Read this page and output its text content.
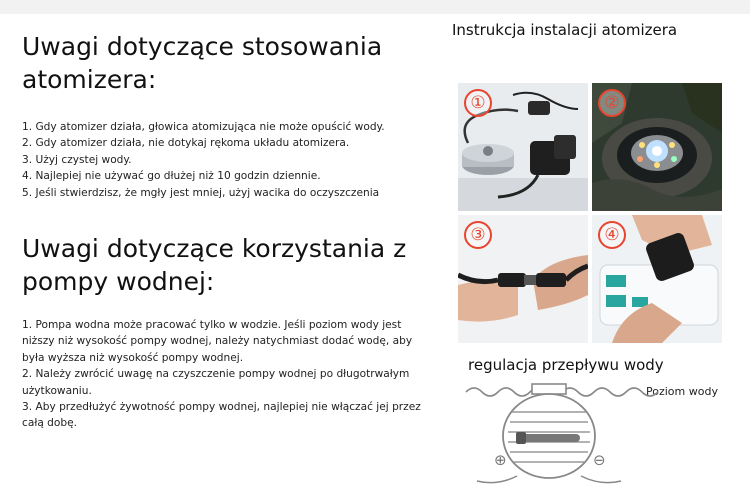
Uwagi dotyczące stosowania atomizera:
1. Gdy atomizer działa, głowica atomizująca nie może opuścić wody.
2. Gdy atomizer działa, nie dotykaj rękoma układu atomizera.
3. Użyj czystej wody.
4. Najlepiej nie używać go dłużej niż 10 godzin dziennie.
5. Jeśli stwierdzisz, że mgły jest mniej, użyj wacika do oczyszczenia
Uwagi dotyczące korzystania z pompy wodnej:
1. Pompa wodna może pracować tylko w wodzie. Jeśli poziom wody jest niższy niż wysokość pompy wodnej, należy natychmiast dodać wodę, aby była wyższa niż wysokość pompy wodnej.
2. Należy zwrócić uwagę na czyszczenie pompy wodnej po długotrwałym użytkowaniu.
3. Aby przedłużyć żywotność pompy wodnej, najlepiej nie włączać jej przez całą dobę.
Instrukcja instalacji atomizera
①	②
③	④
regulacja przepływu wody
Poziom wody
⊕	⊖
